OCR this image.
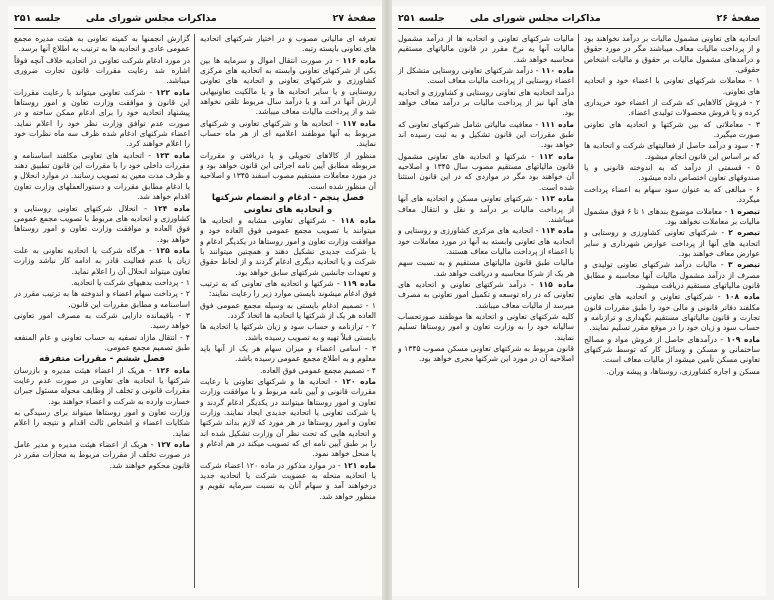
صفحهٔ ۲۷
مذاکرات مجلس شورای ملی
جلسه ۲۵۱

تعرفه ای مالیاتی مصوب و در اختیار شرکتهای اتحادیه های تعاونی بایسته رتبه.

ماده ۱۱۶ - در صورت انتقال اموال و سرمایه ها بین یکی از شرکتهای تعاونی وابسته به اتحادیه های مرکزی کشاورزی و شرکتهای تعاونی و اتحادیه های تعاونی روستایی و یا سایر اتحادیه ها و یا مالکیت تعاونیهایی ارزش آنها در آمد و یا درآمد سال مربوط تلقی نخواهد شد و از پرداخت مالیات معاف میباشد.

ماده ۱۱۷ - اتحادیه ها و شرکتهای تعاونی و شرکتهای مربوط به آنها موظفند اعلامیه ای از هر ماه حساب نمایند.

منظور از کالاهای تحویلی و یا دریافتی و مقررات مربوطه مطابق آیین نامه اجرائی این قانون خواهد بود و در مورد معاملات مستقیم مصوب اسفند ۱۳۴۵ و اصلاحیه آن منظور شده است.

فصل پنجم - ادغام و انضمام شرکتها

و اتحادیه های تعاونی

ماده ۱۱۸ - شرکتهای تعاونی مشابه و اتحادیه ها میتوانند با تصویب مجمع عمومی فوق العاده خود و موافقت وزارت تعاون و امور روستاها در یکدیگر ادغام و یا شرکت جدیدی تشکیل دهند و همچنین میتوانند با شرکت و یا اتحادیه دیگری ادغام گردند و از لحاظ حقوق و تعهدات جانشین شرکتهای سابق خواهد بود.

ماده ۱۱۹ - شرکتها و اتحادیه های تعاونی که به ترتیب فوق ادغام میشوند بایستی موارد زیر را رعایت نمایند:

۱ - تصمیم ادغام بایستی به وسیله مجمع عمومی فوق العاده هر یک از شرکتها یا اتحادیه ها اتخاذ گردد.

۲ - ترازنامه و حساب سود و زیان شرکتها یا اتحادیه ها بایستی قبلاً تهیه و به تصویب رسیده باشد.

۳ - اسامی اعضاء و میزان سهام هر یک از آنها باید معلوم و به اطلاع مجمع عمومی رسیده باشد.

۴ - تصمیم مجمع عمومی فوق العاده.

ماده ۱۲۰ - اتحادیه ها و شرکتهای تعاونی با رعایت مقررات قانونی و آیین نامه مربوط و با موافقت وزارت تعاون و امور روستاها میتوانند در یکدیگر ادغام گردند و یا شرکت تعاونی یا اتحادیه جدیدی ایجاد نمایند. وزارت تعاون و امور روستاها در هر مورد که لازم بداند شرکتها و اتحادیه هایی که تحت نظر آن وزارت تشکیل شده اند را بر طبق آیین نامه ای که تصویب میکند در هم ادغام و یا منحل خواهد نمود.

ماده ۱۲۱ - در موارد مذکور در ماده ۱۲۰ اعضاء شرکت یا اتحادیه منحله به عضویت شرکت یا اتحادیه جدید درخواهند آمد و سهام آنان به نسبت سرمایه تقویم و منظور خواهد شد.

گزارش انجمنها به کمیته تعاونی به هیئت مدیره مجمع عمومی عادی و اتحادیه ها به ترتیب به اطلاع آنها برسد.

در مورد ادغام شرکت تعاونی در اتحادیه خلاف آنچه فوقاً اشاره شد رعایت مقررات قانون تجارت ضروری میباشد.

ماده ۱۲۲ - شرکت تعاونی میتواند با رعایت مقررات این قانون و موافقت وزارت تعاون و امور روستاها پیشنهاد اتحادیه خود را برای ادغام ممکن ساخته و در صورت عدم توافق وزارت نظر خود را اعلام نماید. اعضاء شرکتهای ادغام شده ظرف سه ماه نظرات خود را اعلام خواهند کرد.

ماده ۱۲۳ - اتحادیه های تعاونی مکلفند اساسنامه و مقررات داخلی خود را با مقررات این قانون تطبیق دهند و ظرف مدت معین به تصویب رسانند. در موارد انحلال و یا ادغام مطابق مقررات و دستورالعملهای وزارت تعاون اقدام خواهد شد.

ماده ۱۲۴ - انحلال شرکتهای تعاونی روستایی و کشاورزی و اتحادیه های مربوط با تصویب مجمع عمومی فوق العاده و موافقت وزارت تعاون و امور روستاها خواهد بود.

ماده ۱۲۵ - هرگاه شرکت یا اتحادیه تعاونی به علت زیان یا عدم فعالیت قادر به ادامه کار نباشد وزارت تعاون میتواند انحلال آن را اعلام نماید.

۱ - پرداخت بدهیهای شرکت یا اتحادیه.

۲ - پرداخت سهام اعضاء و اندوخته ها به ترتیب مقرر در اساسنامه و مطابق مقررات این قانون.

۳ - باقیمانده دارایی شرکت به مصرف امور تعاونی خواهد رسید.

۴ - انتقال مازاد تصفیه به حساب تعاونی و عام المنفعه طبق تصمیم مجمع عمومی.

فصل ششم - مقررات متفرقه

ماده ۱۲۶ - هریک از اعضاء هیئت مدیره و بازرسان شرکتها یا اتحادیه های تعاونی در صورت عدم رعایت مقررات قانونی و تخلف از وظایف محوله مسئول جبران خسارت وارده به شرکت و اعضاء خواهند بود.

وزارت تعاون و امور روستاها میتواند برای رسیدگی به شکایات اعضاء و اشخاص ثالث اقدام و نتیجه را اعلام نماید.

ماده ۱۲۷ - هریک از اعضاء هیئت مدیره و مدیر عامل در صورت تخلف از مقررات مربوط به مجازات مقرر در قانون محکوم خواهند شد.

صفحهٔ ۲۶
مذاکرات مجلس شورای ملی
جلسه ۲۵۱

اتحادیه های تعاونی مشمول مالیات بر درآمد نخواهند بود و از پرداخت مالیات معاف میباشند مگر در مورد حقوق و درآمدهای مشمول مالیات بر حقوق و مالیات اشخاص حقوقی.

۱ - معاملات شرکتهای تعاونی با اعضاء خود و اتحادیه های تعاونی.

۲ - فروش کالاهایی که شرکت از اعضاء خود خریداری کرده و یا فروش محصولات تولیدی اعضاء.

۳ - معاملاتی که بین شرکتها و اتحادیه های تعاونی صورت میگیرد.

۴ - سود و درآمد حاصل از فعالیتهای شرکت و اتحادیه ها که بر اساس این قانون انجام میشود.

۵ - قسمتی از درآمد که به اندوخته قانونی و یا صندوقهای تعاون اختصاص داده میشود.

۶ - مبالغی که به عنوان سود سهام به اعضاء پرداخت میگردد.

تبصره ۱ - معاملات موضوع بندهای ۱ تا ۶ فوق مشمول مالیات بر معاملات نخواهد بود.

تبصره ۲ - شرکتهای تعاونی کشاورزی و روستایی و اتحادیه های آنها از پرداخت عوارض شهرداری و سایر عوارض معاف خواهند بود.

تبصره ۳ - مالیات درآمد شرکتهای تعاونی تولیدی و مصرف از درآمد مشمول مالیات آنها محاسبه و مطابق قانون مالیاتهای مستقیم دریافت میشود.

ماده ۱۰۸ - شرکتهای تعاونی و اتحادیه های تعاونی مکلفند دفاتر قانونی و مالی خود را طبق مقررات قانون تجارت و قانون مالیاتهای مستقیم نگهداری و ترازنامه و حساب سود و زیان خود را در موقع مقرر تسلیم نمایند.

ماده ۱۰۹ - درآمدهای حاصل از فروش مواد و مصالح ساختمانی و مسکن و وسائل کار که توسط شرکتهای تعاونی مسکن تأمین میشود از مالیات معاف است.

مسکن و اجاره کشاورزی، روستاها، و پیشه وران.

مالیات شرکتهای تعاونی و اتحادیه ها از درآمد مشمول مالیات آنها به نرخ مقرر در قانون مالیاتهای مستقیم محاسبه خواهد شد.

ماده ۱۱۰ - درآمد شرکتهای تعاونی روستایی متشکل از اعضاء روستایی از پرداخت مالیات معاف است.

درآمد اتحادیه های تعاونی روستایی و کشاورزی و اتحادیه های آنها نیز از پرداخت مالیات بر درآمد معاف خواهد بود.

ماده ۱۱۱ - معافیت مالیاتی شامل شرکتهای تعاونی که طبق مقررات این قانون تشکیل و به ثبت رسیده اند خواهد بود.

ماده ۱۱۲ - شرکتها و اتحادیه های تعاونی مشمول قانون مالیاتهای مستقیم مصوب سال ۱۳۴۵ و اصلاحیه آن خواهند بود مگر در مواردی که در این قانون استثنا شده است.

ماده ۱۱۳ - شرکتهای تعاونی مسکن و اتحادیه های آنها از پرداخت مالیات بر درآمد و نقل و انتقال معاف میباشند.

ماده ۱۱۴ - اتحادیه های مرکزی کشاورزی و روستایی و اتحادیه های تعاونی وابسته به آنها در مورد معاملات خود با اعضاء از پرداخت مالیات معاف هستند.

مالیات طبق قانون مالیاتهای مستقیم و به نسبت سهم هر یک از شرکا محاسبه و دریافت خواهد شد.

ماده ۱۱۵ - درآمد شرکتهای تعاونی و اتحادیه های تعاونی که در راه توسعه و تکمیل امور تعاونی به مصرف میرسد از مالیات معاف میباشد.

کلیه شرکتهای تعاونی و اتحادیه ها موظفند صورتحساب سالیانه خود را به وزارت تعاون و امور روستاها تسلیم نمایند.

قانون مربوط به شرکتهای تعاونی مسکن مصوب ۱۳۴۵ و اصلاحیه آن در مورد این شرکتها مجری خواهد بود.
